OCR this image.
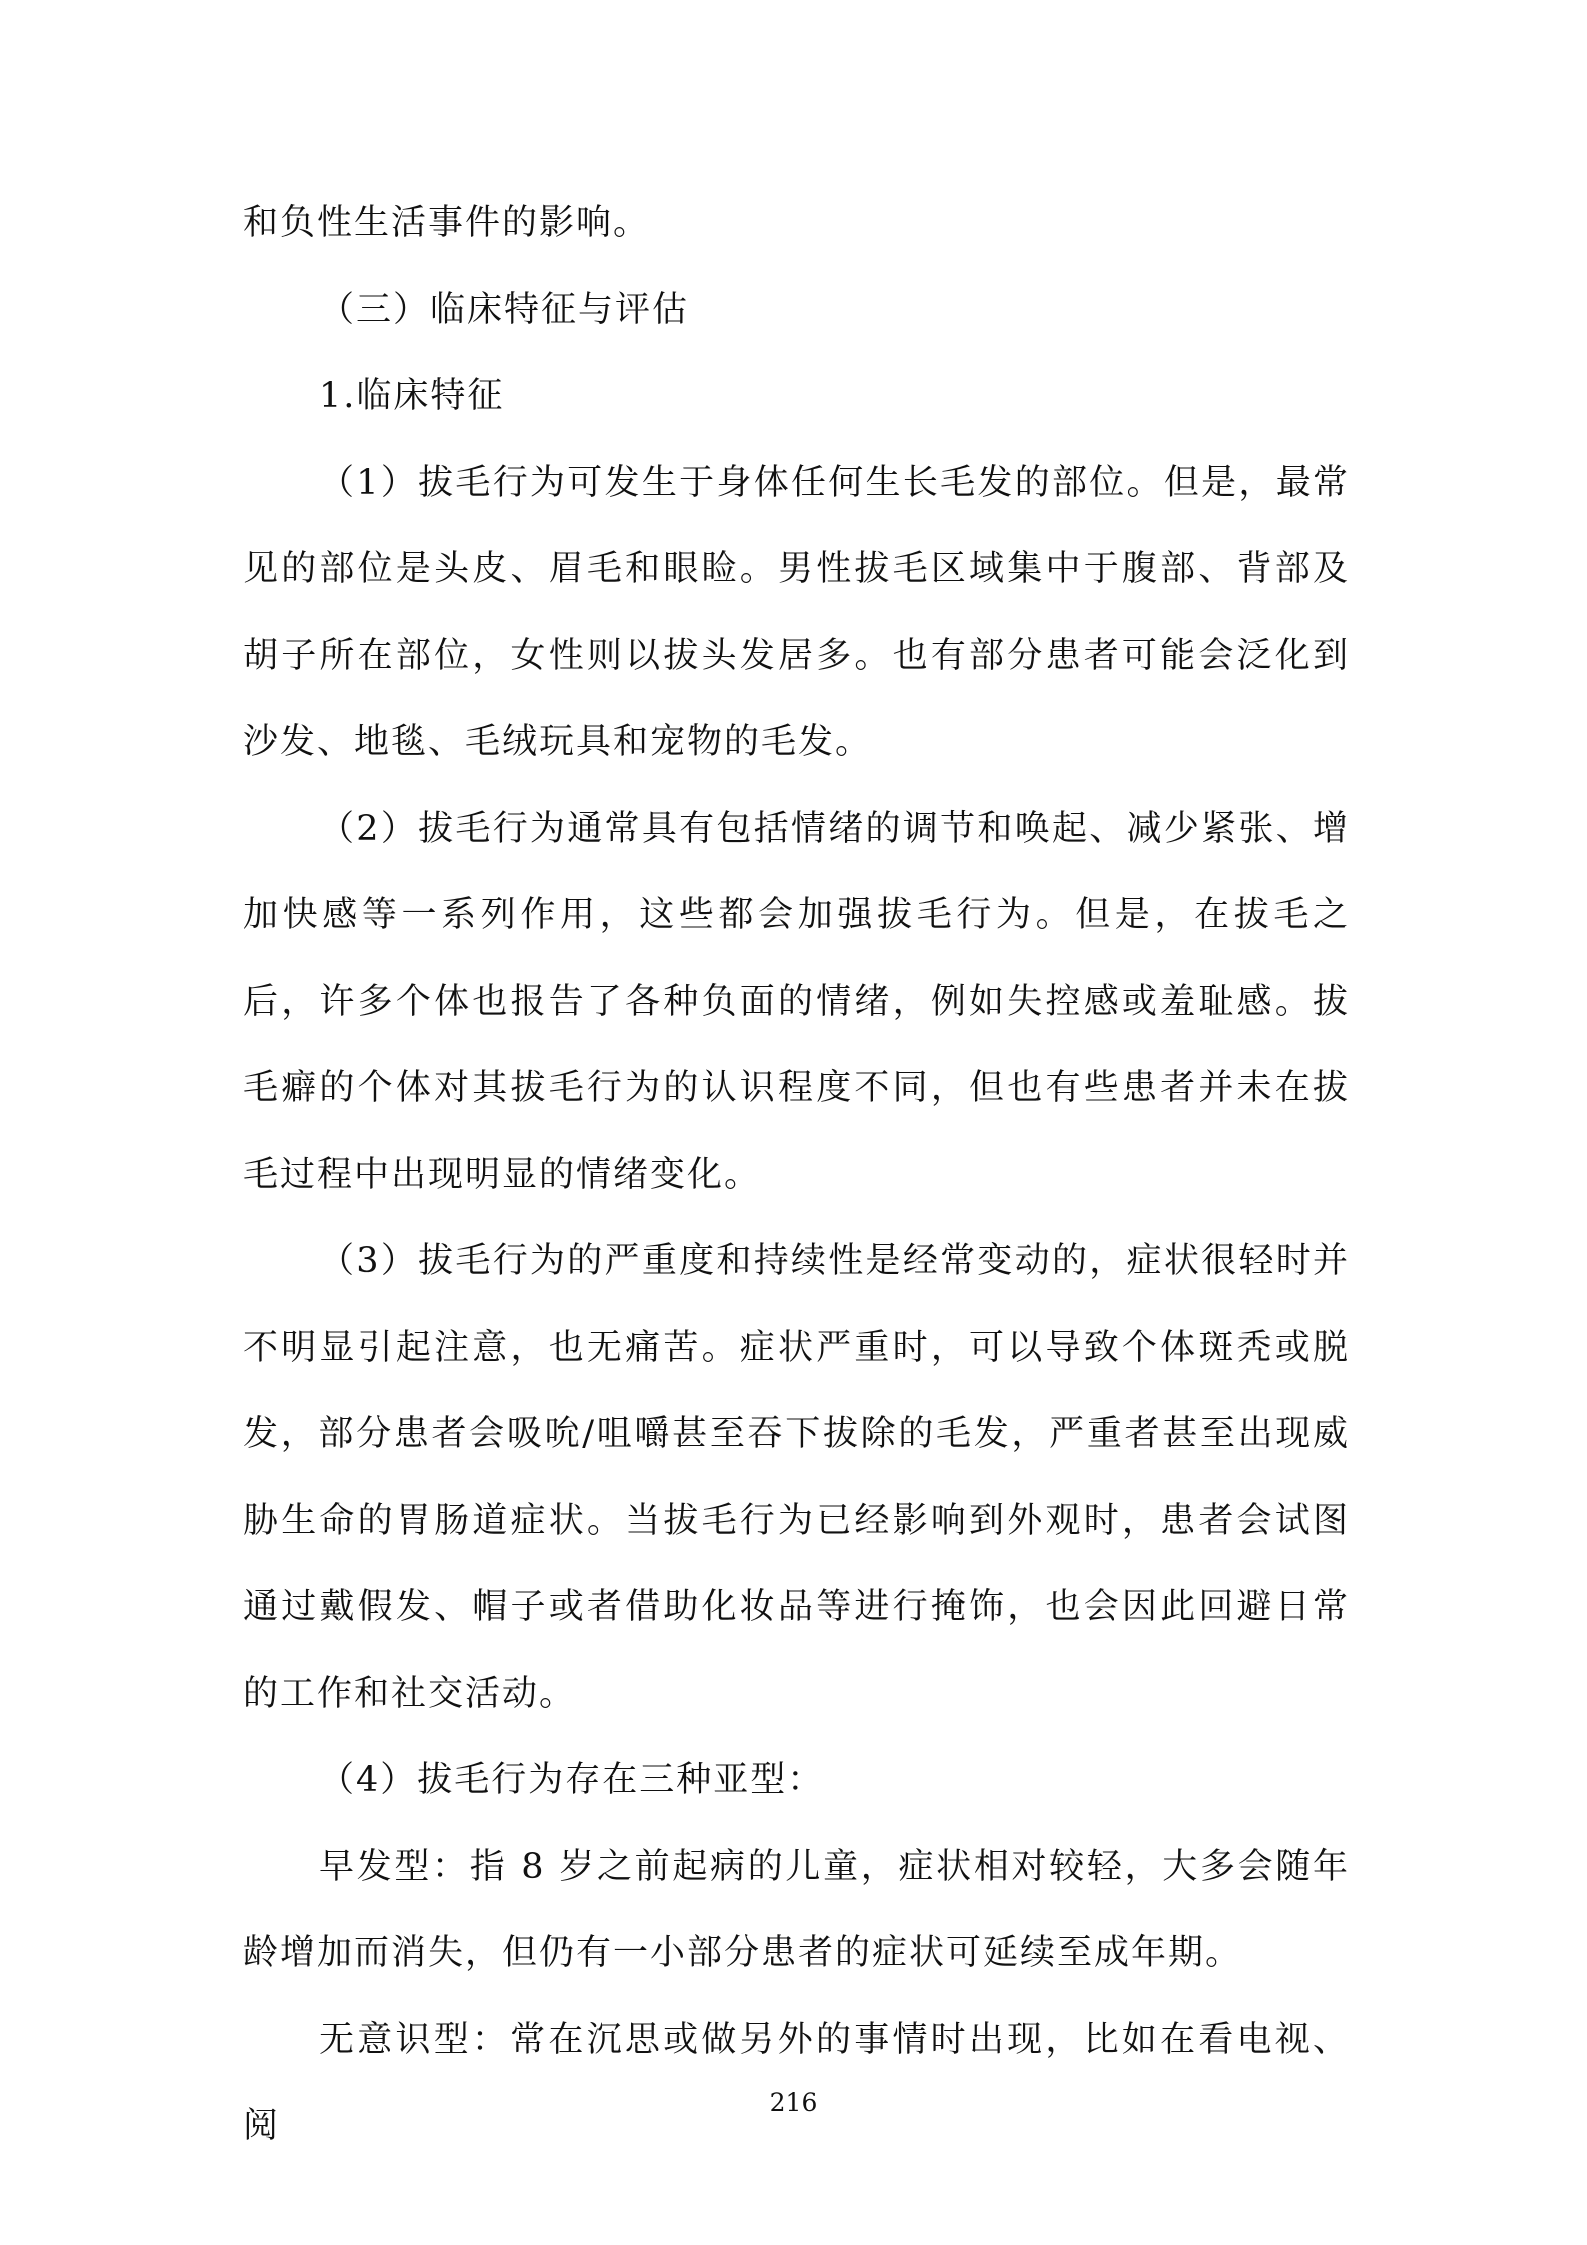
和负性生活事件的影响。

（三）临床特征与评估

1.临床特征

（1）拔毛行为可发生于身体任何生长毛发的部位。但是，最常见的部位是头皮、眉毛和眼睑。男性拔毛区域集中于腹部、背部及胡子所在部位，女性则以拔头发居多。也有部分患者可能会泛化到沙发、地毯、毛绒玩具和宠物的毛发。

（2）拔毛行为通常具有包括情绪的调节和唤起、减少紧张、增加快感等一系列作用，这些都会加强拔毛行为。但是，在拔毛之后，许多个体也报告了各种负面的情绪，例如失控感或羞耻感。拔毛癖的个体对其拔毛行为的认识程度不同，但也有些患者并未在拔毛过程中出现明显的情绪变化。

（3）拔毛行为的严重度和持续性是经常变动的，症状很轻时并不明显引起注意，也无痛苦。症状严重时，可以导致个体斑秃或脱发，部分患者会吸吮/咀嚼甚至吞下拔除的毛发，严重者甚至出现威胁生命的胃肠道症状。当拔毛行为已经影响到外观时，患者会试图通过戴假发、帽子或者借助化妆品等进行掩饰，也会因此回避日常的工作和社交活动。

（4）拔毛行为存在三种亚型：

早发型：指 8 岁之前起病的儿童，症状相对较轻，大多会随年龄增加而消失，但仍有一小部分患者的症状可延续至成年期。

无意识型：常在沉思或做另外的事情时出现，比如在看电视、阅

216
